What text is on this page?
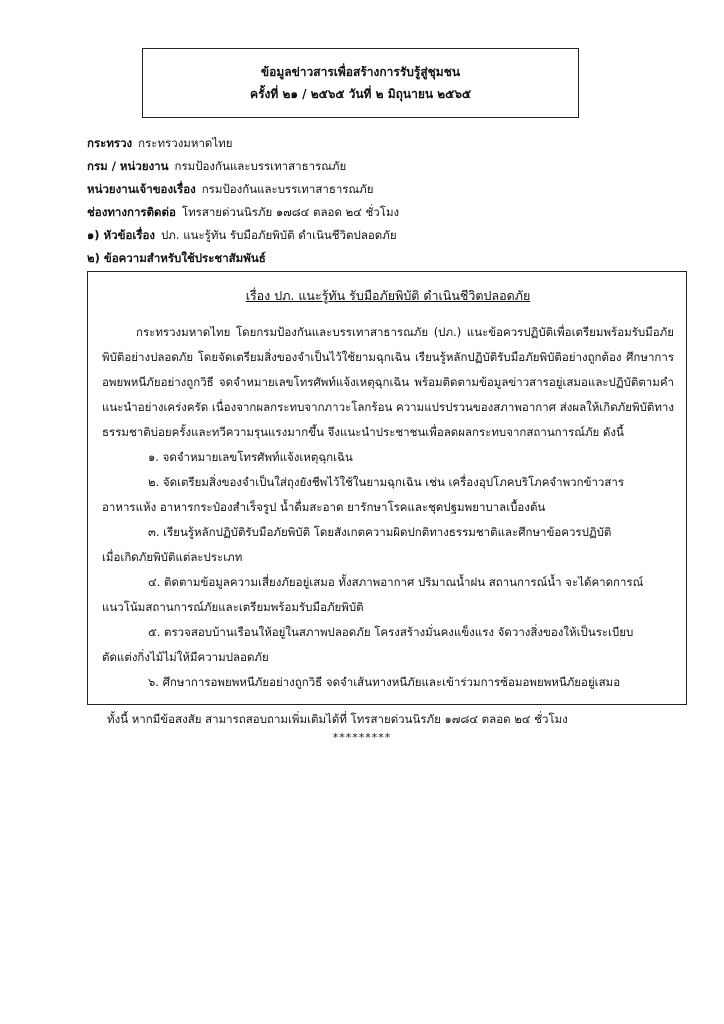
ข้อมูลข่าวสารเพื่อสร้างการรับรู้สู่ชุมชน
ครั้งที่ ๒๑ / ๒๕๖๕ วันที่ ๒ มิถุนายน ๒๕๖๕
กระทรวง กระทรวงมหาดไทย
กรม / หน่วยงาน กรมป้องกันและบรรเทาสาธารณภัย
หน่วยงานเจ้าของเรื่อง กรมป้องกันและบรรเทาสาธารณภัย
ช่องทางการติดต่อ โทรสายด่วนนิรภัย ๑๗๘๔ ตลอด ๒๔ ชั่วโมง
๑) หัวข้อเรื่อง ปภ. แนะรู้ทัน รับมือภัยพิบัติ ดำเนินชีวิตปลอดภัย
๒) ข้อความสำหรับใช้ประชาสัมพันธ์
เรื่อง ปภ. แนะรู้ทัน รับมือภัยพิบัติ ดำเนินชีวิตปลอดภัย

กระทรวงมหาดไทย โดยกรมป้องกันและบรรเทาสาธารณภัย (ปภ.) แนะข้อควรปฏิบัติเพื่อเตรียมพร้อมรับมือภัยพิบัติอย่างปลอดภัย โดยจัดเตรียมสิ่งของจำเป็นไว้ใช้ยามฉุกเฉิน เรียนรู้หลักปฏิบัติรับมือภัยพิบัติอย่างถูกต้อง ศึกษาการอพยพหนีภัยอย่างถูกวิธี จดจำหมายเลขโทรศัพท์แจ้งเหตุฉุกเฉิน พร้อมติดตามข้อมูลข่าวสารอยู่เสมอและปฏิบัติตามคำแนะนำอย่างเคร่งครัด เนื่องจากผลกระทบจากภาวะโลกร้อน ความแปรปรวนของสภาพอากาศ ส่งผลให้เกิดภัยพิบัติทางธรรมชาติบ่อยครั้งและทวีความรุนแรงมากขึ้น จึงแนะนำประชาชนเพื่อลดผลกระทบจากสถานการณ์ภัย ดังนี้

๑. จดจำหมายเลขโทรศัพท์แจ้งเหตุฉุกเฉิน
๒. จัดเตรียมสิ่งของจำเป็นใส่ถุงยังชีพไว้ใช้ในยามฉุกเฉิน เช่น เครื่องอุปโภคบริโภคจำพวกข้าวสาร
อาหารแห้ง อาหารกระป๋องสำเร็จรูป น้ำดื่มสะอาด ยารักษาโรคและชุดปฐมพยาบาลเบื้องต้น
๓. เรียนรู้หลักปฏิบัติรับมือภัยพิบัติ โดยสังเกตความผิดปกติทางธรรมชาติและศึกษาข้อควรปฏิบัติ
เมื่อเกิดภัยพิบัติแต่ละประเภท
๔. ติดตามข้อมูลความเสี่ยงภัยอยู่เสมอ ทั้งสภาพอากาศ ปริมาณน้ำฝน สถานการณ์น้ำ จะได้คาดการณ์
แนวโน้มสถานการณ์ภัยและเตรียมพร้อมรับมือภัยพิบัติ
๕. ตรวจสอบบ้านเรือนให้อยู่ในสภาพปลอดภัย โครงสร้างมั่นคงแข็งแรง จัดวางสิ่งของให้เป็นระเบียบ
ตัดแต่งกิ่งไม้ไม่ให้มีความปลอดภัย
๖. ศึกษาการอพยพหนีภัยอย่างถูกวิธี จดจำเส้นทางหนีภัยและเข้าร่วมการซ้อมอพยพหนีภัยอยู่เสมอ
ทั้งนี้ หากมีข้อสงสัย สามารถสอบถามเพิ่มเติมได้ที่ โทรสายด่วนนิรภัย ๑๗๘๔ ตลอด ๒๔ ชั่วโมง
*********
